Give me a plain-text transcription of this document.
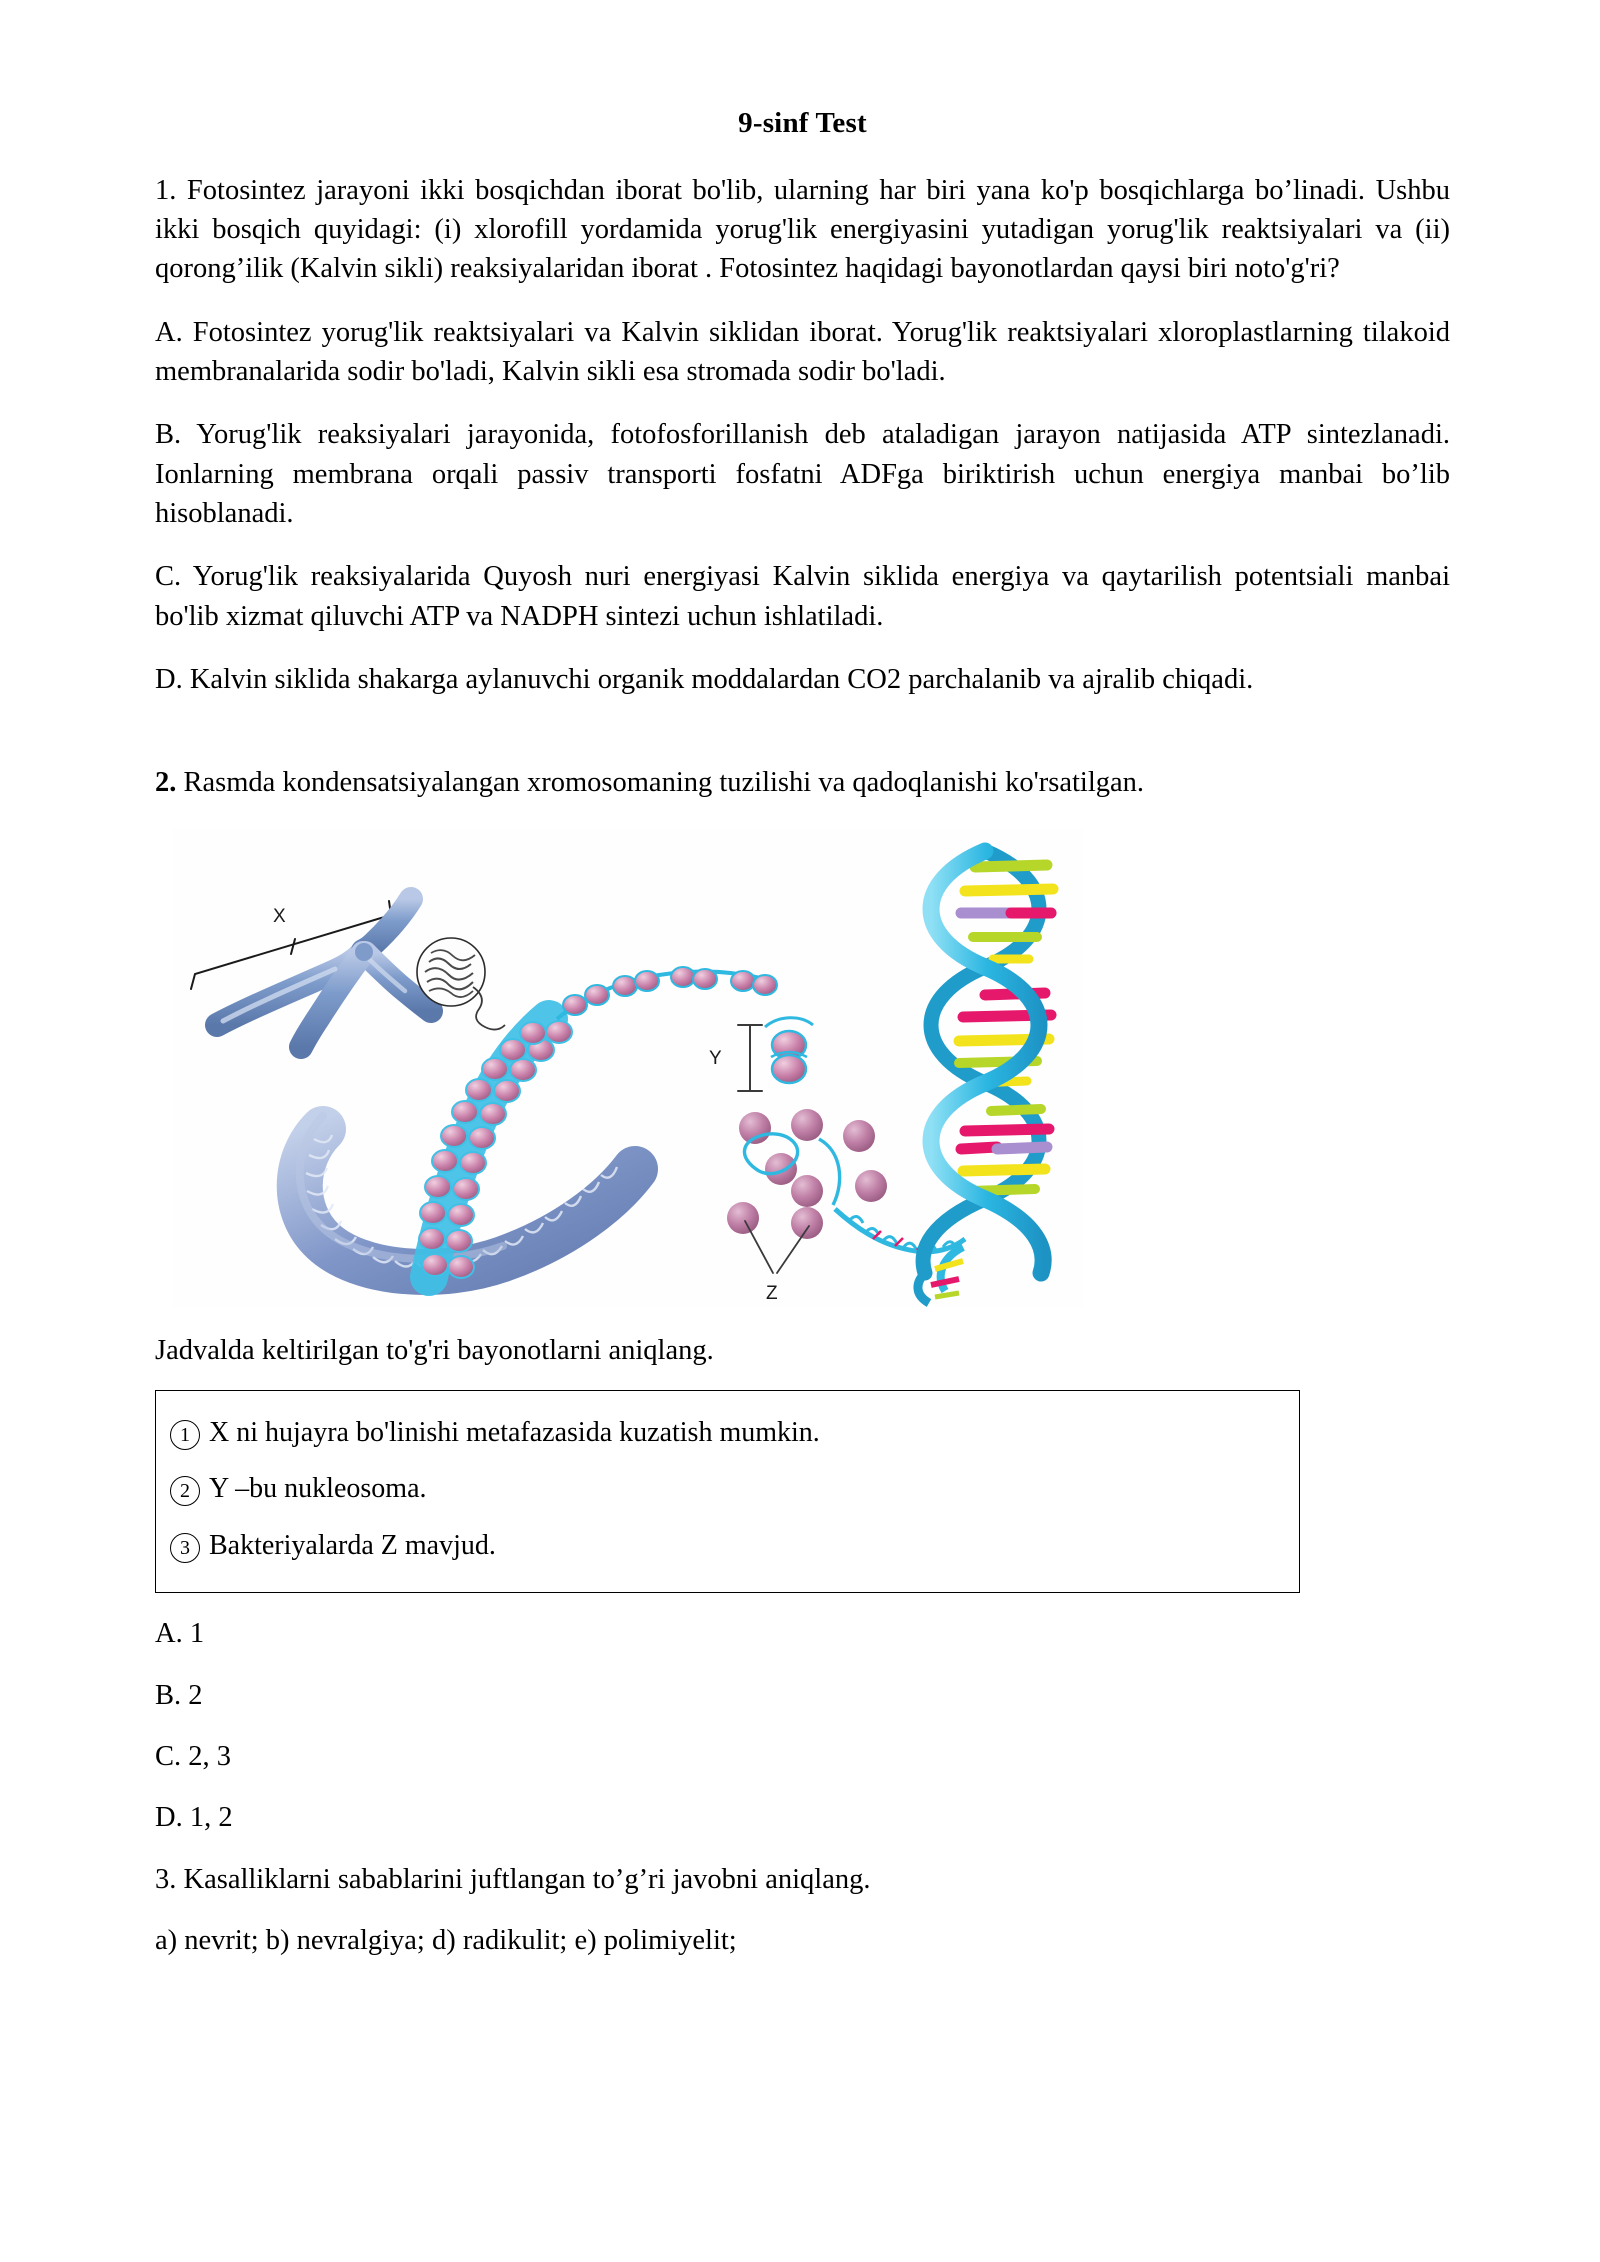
9-sinf Test

1. Fotosintez jarayoni ikki bosqichdan iborat bo'lib, ularning har biri yana ko'p bosqichlarga bo’linadi. Ushbu ikki bosqich quyidagi: (i) xlorofill yordamida yorug'lik energiyasini yutadigan yorug'lik reaktsiyalari va (ii) qorong’ilik (Kalvin sikli) reaksiyalaridan iborat . Fotosintez haqidagi bayonotlardan qaysi biri noto'g'ri?

A. Fotosintez yorug'lik reaktsiyalari va Kalvin siklidan iborat. Yorug'lik reaktsiyalari xloroplastlarning tilakoid membranalarida sodir bo'ladi, Kalvin sikli esa stromada sodir bo'ladi.

B. Yorug'lik reaksiyalari jarayonida, fotofosforillanish deb ataladigan jarayon natijasida ATP sintezlanadi. Ionlarning membrana orqali passiv transporti fosfatni ADFga biriktirish uchun energiya manbai bo’lib hisoblanadi.

C. Yorug'lik reaksiyalarida Quyosh nuri energiyasi Kalvin siklida energiya va qaytarilish potentsiali manbai bo'lib xizmat qiluvchi ATP va NADPH sintezi uchun ishlatiladi.

D. Kalvin siklida shakarga aylanuvchi organik moddalardan CO2 parchalanib va ajralib chiqadi.

2. Rasmda kondensatsiyalangan xromosomaning tuzilishi va qadoqlanishi ko'rsatilgan.

X
Y
Z

Jadvalda keltirilgan to'g'ri bayonotlarni aniqlang.

1 X ni hujayra bo'linishi metafazasida kuzatish mumkin.
2 Y –bu nukleosoma.
3 Bakteriyalarda Z mavjud.

A. 1

B. 2

C. 2, 3

D. 1, 2

3. Kasalliklarni sabablarini juftlangan to’g’ri javobni aniqlang.

a) nevrit; b) nevralgiya; d) radikulit; e) polimiyelit;
